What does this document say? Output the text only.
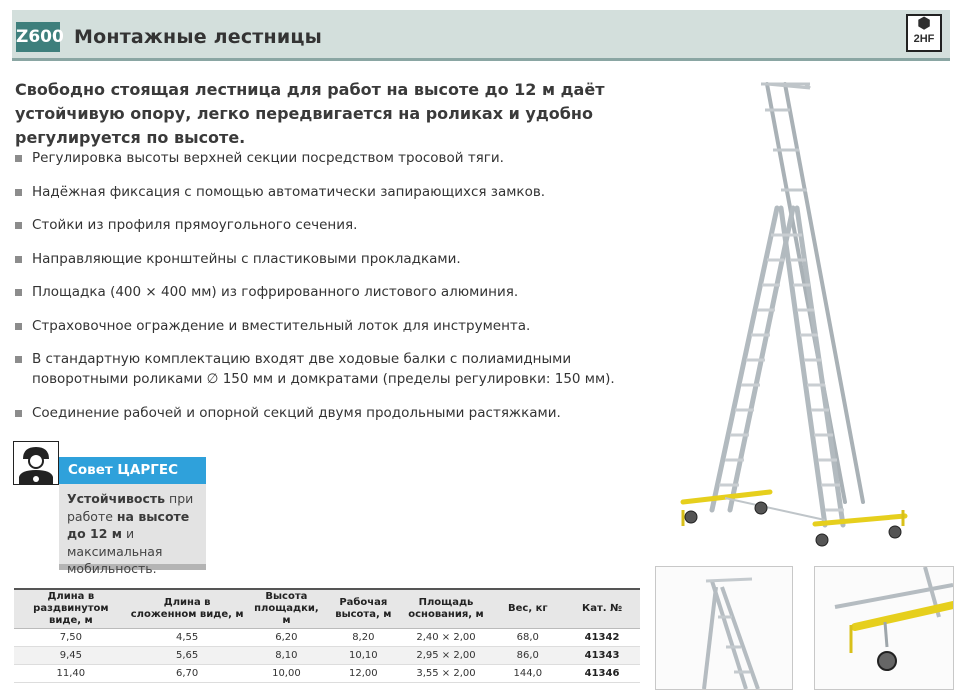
Z600 Монтажные лестницы
⬢
2HF
Свободно стоящая лестница для работ на высоте до 12 м даёт устойчивую опору, легко передвигается на роликах и удобно регулируется по высоте.
Регулировка высоты верхней секции посредством тросовой тяги.
Надёжная фиксация с помощью автоматически запирающихся замков.
Стойки из профиля прямоугольного сечения.
Направляющие кронштейны с пластиковыми прокладками.
Площадка (400 × 400 мм) из гофрированного листового алюминия.
Страховочное ограждение и вместительный лоток для инструмента.
В стандартную комплектацию входят две ходовые балки с полиамидными поворотными роликами ∅ 150 мм и домкратами (пределы регулировки: 150 мм).
Соединение рабочей и опорной секций двумя продольными растяжками.
Совет ЦАРГЕС
Устойчивость при работе на высоте до 12 м и максимальная мобильность.
Длина в раздвинутом виде, м	Длина в сложенном виде, м	Высота площадки, м	Рабочая высота, м	Площадь основания, м	Вес, кг	Кат. №
7,50	4,55	6,20	8,20	2,40 × 2,00	68,0	41342
9,45	5,65	8,10	10,10	2,95 × 2,00	86,0	41343
11,40	6,70	10,00	12,00	3,55 × 2,00	144,0	41346
